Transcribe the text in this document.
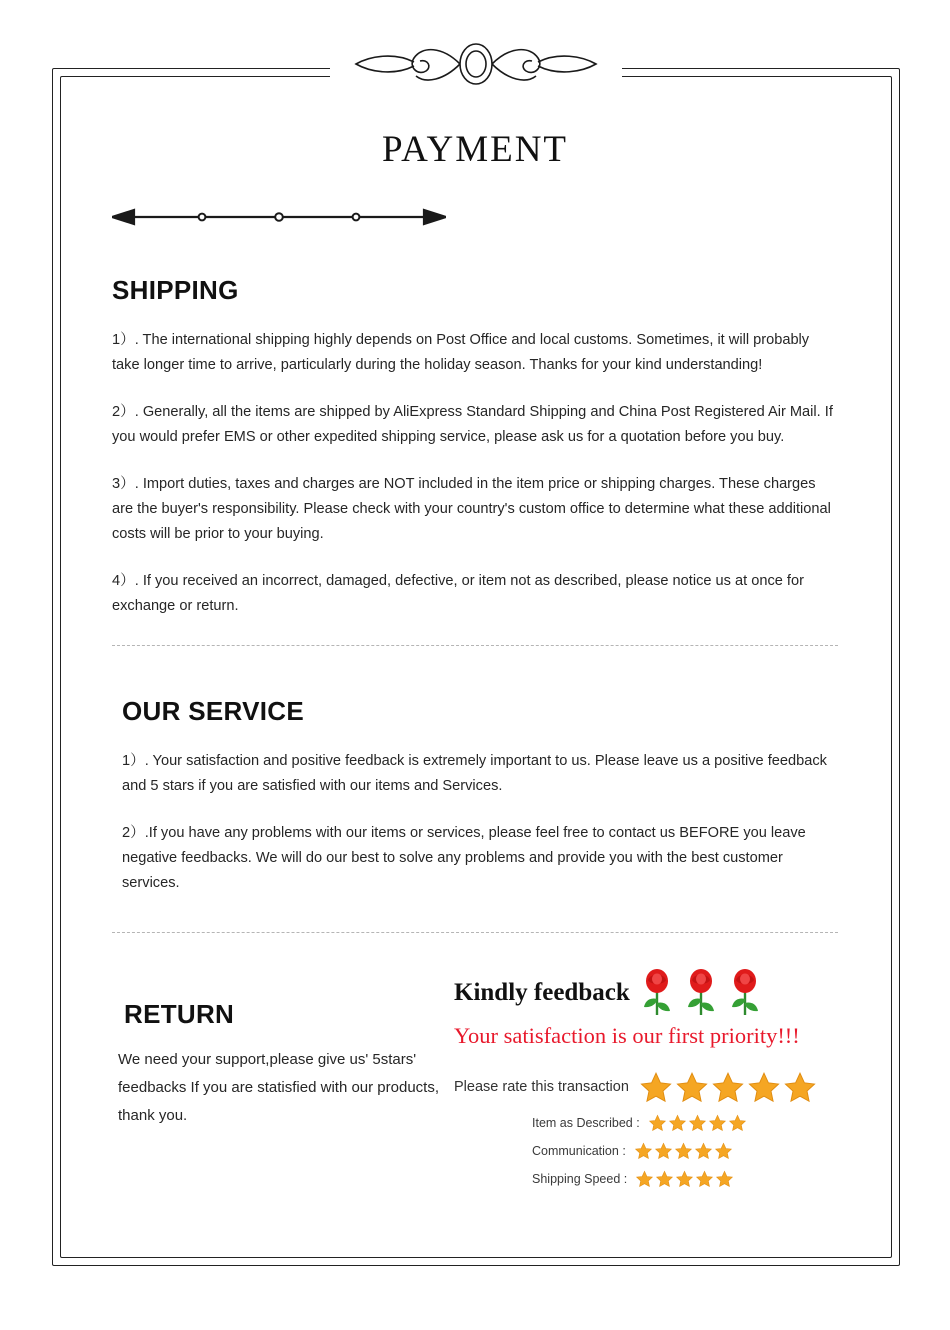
PAYMENT
SHIPPING

1）. The international shipping highly depends on Post Office and local customs. Sometimes, it will probably take longer time to arrive, particularly during the holiday season. Thanks for your kind understanding!

2）. Generally, all the items are shipped by AliExpress Standard Shipping and China Post Registered Air Mail. If you would prefer EMS or other expedited shipping service, please ask us for a quotation before you buy.

3）. Import duties, taxes and charges are NOT included in the item price or shipping charges. These charges are the buyer's responsibility. Please check with your country's custom office to determine what these additional costs will be prior to your buying.

4）. If you received an incorrect, damaged, defective, or item not as described, please notice us at once for exchange or return.

OUR SERVICE

1）. Your satisfaction and positive feedback is extremely important to us. Please leave us a positive feedback and 5 stars if you are satisfied with our items and Services.

2）.If you have any problems with our items or services, please feel free to contact us BEFORE you leave negative feedbacks. We will do our best to solve any problems and provide you with the best customer services.

RETURN

We need your support,please give us' 5stars' feedbacks If you are statisfied with our products, thank you.

Kindly feedback
Your satisfaction is our first priority!!!
Please rate this transaction
Item as Described :
Communication :
Shipping Speed :
